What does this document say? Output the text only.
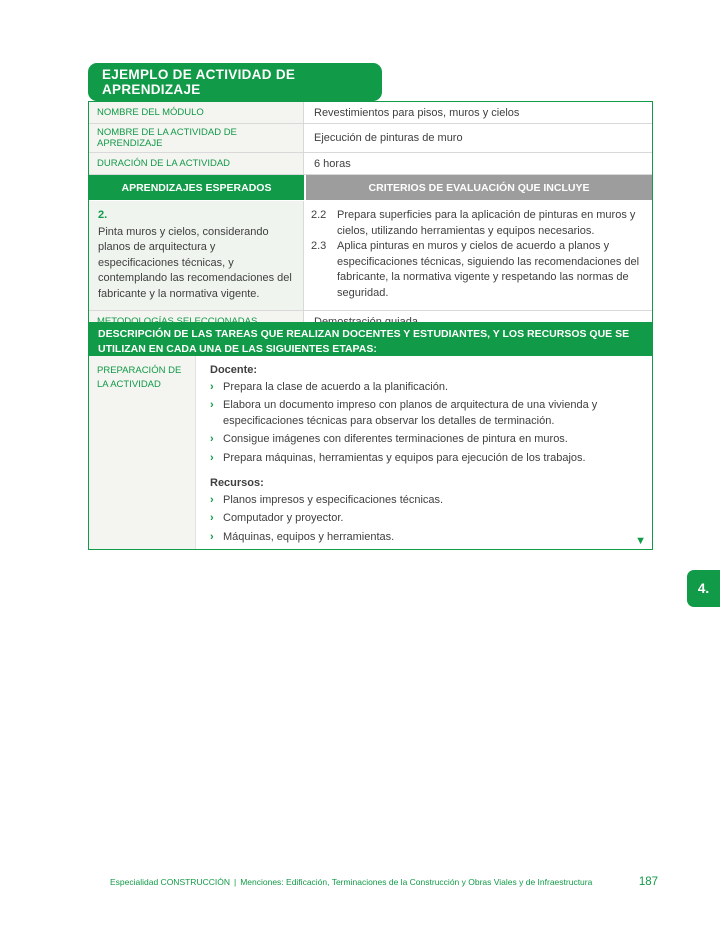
EJEMPLO DE ACTIVIDAD DE APRENDIZAJE
NOMBRE DEL MÓDULO	Revestimientos para pisos, muros y cielos
NOMBRE DE LA ACTIVIDAD DE APRENDIZAJE	Ejecución de pinturas de muro
DURACIÓN DE LA ACTIVIDAD	6 horas
APRENDIZAJES ESPERADOS	CRITERIOS DE EVALUACIÓN QUE INCLUYE
2.
Pinta muros y cielos, considerando planos de arquitectura y especificaciones técnicas, y contemplando las recomendaciones del fabricante y la normativa vigente.
2.2 Prepara superficies para la aplicación de pinturas en muros y cielos, utilizando herramientas y equipos necesarios.
2.3 Aplica pinturas en muros y cielos de acuerdo a planos y especificaciones técnicas, siguiendo las recomendaciones del fabricante, la normativa vigente y respetando las normas de seguridad.
DESCRIPCIÓN DE LAS TAREAS QUE REALIZAN DOCENTES Y ESTUDIANTES, Y LOS RECURSOS QUE SE UTILIZAN EN CADA UNA DE LAS SIGUIENTES ETAPAS:
PREPARACIÓN DE LA ACTIVIDAD
Docente:
› Prepara la clase de acuerdo a la planificación.
› Elabora un documento impreso con planos de arquitectura de una vivienda y especificaciones técnicas para observar los detalles de terminación.
› Consigue imágenes con diferentes terminaciones de pintura en muros.
› Prepara máquinas, herramientas y equipos para ejecución de los trabajos.
Recursos:
› Planos impresos y especificaciones técnicas.
› Computador y proyector.
› Máquinas, equipos y herramientas.	▼
4.
Especialidad CONSTRUCCIÓN | Menciones: Edificación, Terminaciones de la Construcción y Obras Viales y de Infraestructura	187
